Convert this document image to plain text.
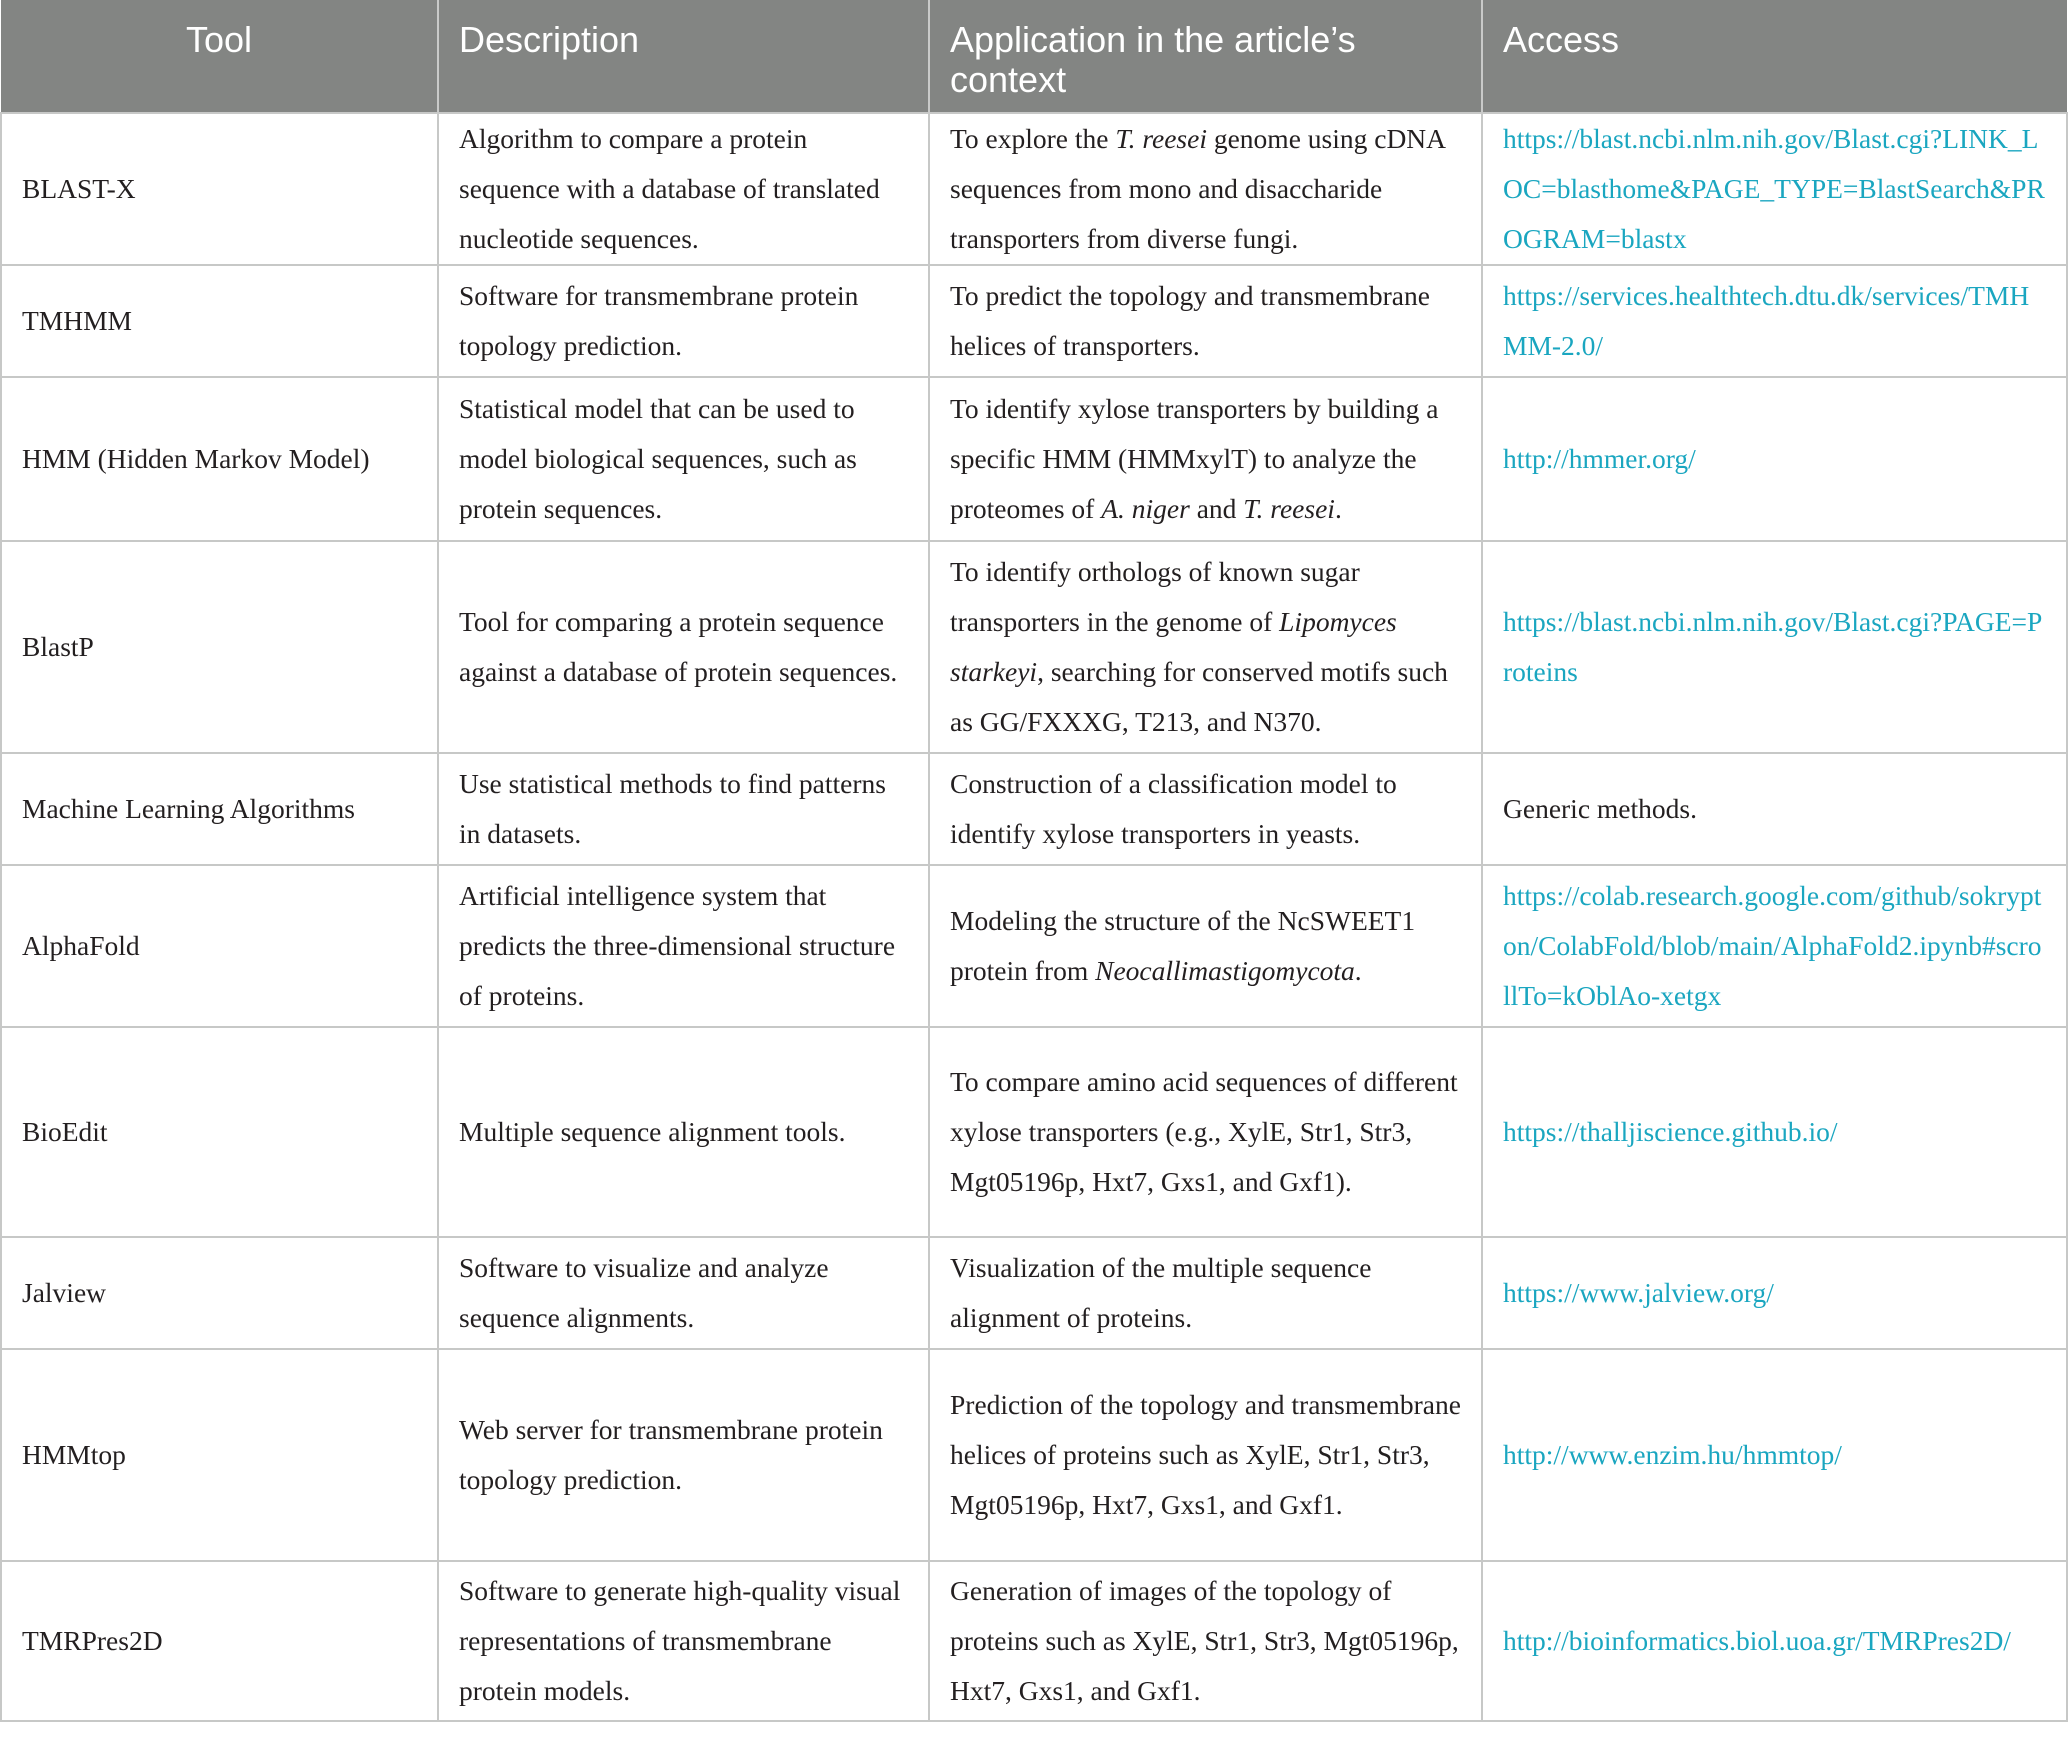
Tool	Description	Application in the article’s context	Access
BLAST-X	Algorithm to compare a protein sequence with a database of translated nucleotide sequences.	To explore the T. reesei genome using cDNA sequences from mono and disaccharide transporters from diverse fungi.	https://blast.ncbi.nlm.nih.gov/Blast.cgi?LINK_LOC=blasthome&PAGE_TYPE=BlastSearch&PROGRAM=blastx
TMHMM	Software for transmembrane protein topology prediction.	To predict the topology and transmembrane helices of transporters.	https://services.healthtech.dtu.dk/services/TMHMM-2.0/
HMM (Hidden Markov Model)	Statistical model that can be used to model biological sequences, such as protein sequences.	To identify xylose transporters by building a specific HMM (HMMxylT) to analyze the proteomes of A. niger and T. reesei.	http://hmmer.org/
BlastP	Tool for comparing a protein sequence against a database of protein sequences.	To identify orthologs of known sugar transporters in the genome of Lipomyces starkeyi, searching for conserved motifs such as GG/FXXXG, T213, and N370.	https://blast.ncbi.nlm.nih.gov/Blast.cgi?PAGE=Proteins
Machine Learning Algorithms	Use statistical methods to find patterns in datasets.	Construction of a classification model to identify xylose transporters in yeasts.	Generic methods.
AlphaFold	Artificial intelligence system that predicts the three-dimensional structure of proteins.	Modeling the structure of the NcSWEET1 protein from Neocallimastigomycota.	https://colab.research.google.com/github/sokrypton/ColabFold/blob/main/AlphaFold2.ipynb#scrollTo=kOblAo-xetgx
BioEdit	Multiple sequence alignment tools.	To compare amino acid sequences of different xylose transporters (e.g., XylE, Str1, Str3, Mgt05196p, Hxt7, Gxs1, and Gxf1).	https://thalljiscience.github.io/
Jalview	Software to visualize and analyze sequence alignments.	Visualization of the multiple sequence alignment of proteins.	https://www.jalview.org/
HMMtop	Web server for transmembrane protein topology prediction.	Prediction of the topology and transmembrane helices of proteins such as XylE, Str1, Str3, Mgt05196p, Hxt7, Gxs1, and Gxf1.	http://www.enzim.hu/hmmtop/
TMRPres2D	Software to generate high-quality visual representations of transmembrane protein models.	Generation of images of the topology of proteins such as XylE, Str1, Str3, Mgt05196p, Hxt7, Gxs1, and Gxf1.	http://bioinformatics.biol.uoa.gr/TMRPres2D/
